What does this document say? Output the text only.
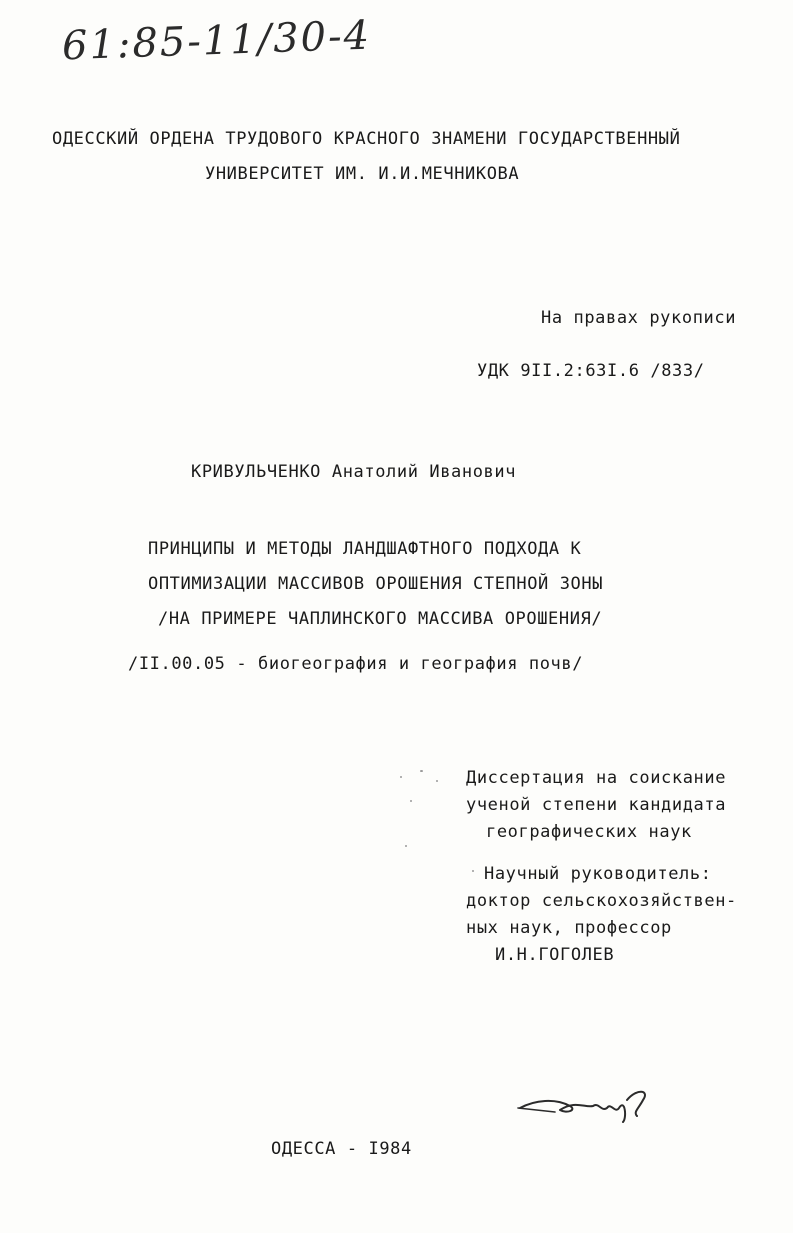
61:85-11/30-4
ОДЕССКИЙ ОРДЕНА ТРУДОВОГО КРАСНОГО ЗНАМЕНИ ГОСУДАРСТВЕННЫЙ
УНИВЕРСИТЕТ ИМ. И.И.МЕЧНИКОВА
На правах рукописи
УДК 9II.2:63I.6 /833/
КРИВУЛЬЧЕНКО Анатолий Иванович
ПРИНЦИПЫ И МЕТОДЫ ЛАНДШАФТНОГО ПОДХОДА К
ОПТИМИЗАЦИИ МАССИВОВ ОРОШЕНИЯ СТЕПНОЙ ЗОНЫ
/НА ПРИМЕРЕ ЧАПЛИНСКОГО МАССИВА ОРОШЕНИЯ/
/II.00.05 - биогеография и география почв/
Диссертация на соискание
ученой степени кандидата
географических наук
Научный руководитель:
доктор сельскохозяйствен-
ных наук, профессор
И.Н.ГОГОЛЕВ
ОДЕССА - I984
